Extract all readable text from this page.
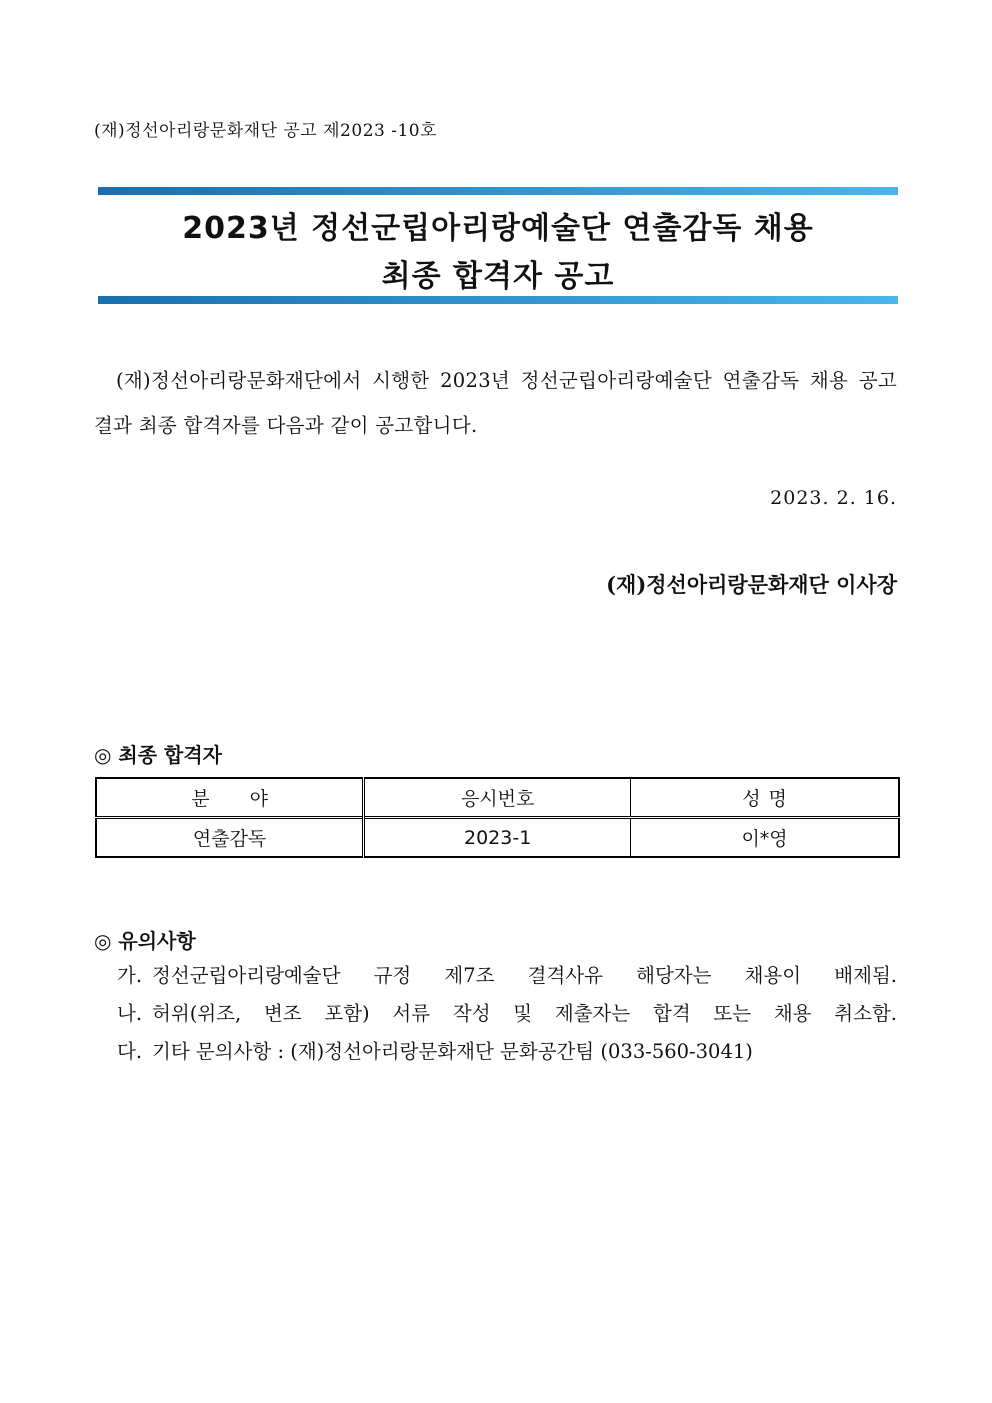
(재)정선아리랑문화재단 공고 제2023 -10호
2023년 정선군립아리랑예술단 연출감독 채용
최종 합격자 공고
(재)정선아리랑문화재단에서 시행한 2023년 정선군립아리랑예술단 연출감독 채용 공고 결과 최종 합격자를 다음과 같이 공고합니다.
2023. 2. 16.
(재)정선아리랑문화재단 이사장
◎ 최종 합격자
분야	응시번호	성명
연출감독	2023-1	이*영
◎ 유의사항
가. 정선군립아리랑예술단 규정 제7조 결격사유 해당자는 채용이 배제됨.
나. 허위(위조, 변조 포함) 서류 작성 및 제출자는 합격 또는 채용 취소함.
다. 기타 문의사항 : (재)정선아리랑문화재단 문화공간팀 (033-560-3041)
